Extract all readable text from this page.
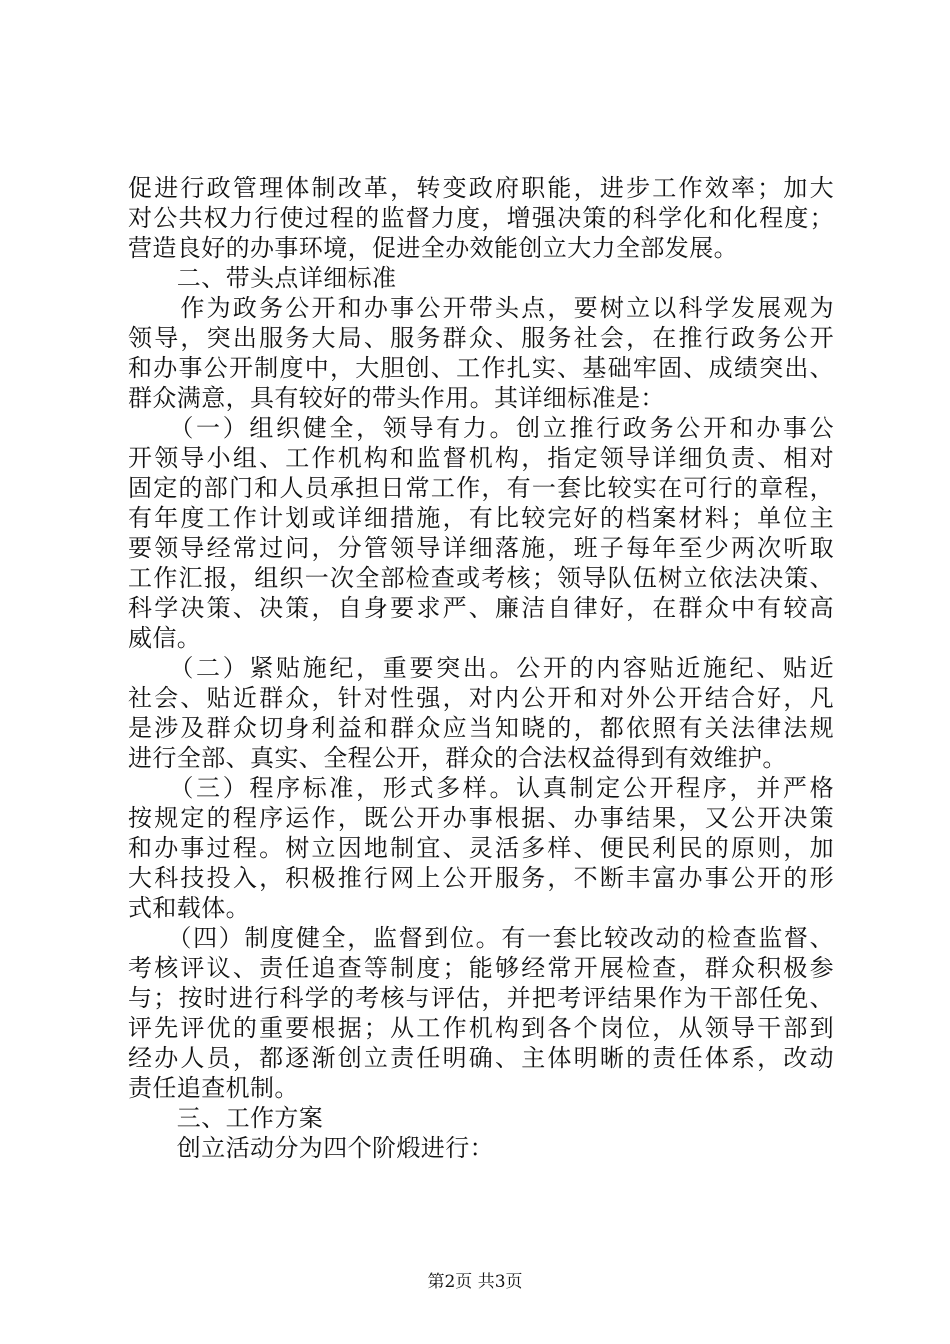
促进行政管理体制改革，转变政府职能，进步工作效率；加大
对公共权力行使过程的监督力度，增强决策的科学化和化程度；
营造良好的办事环境，促进全办效能创立大力全部发展。
　　二、带头点详细标准
　　作为政务公开和办事公开带头点，要树立以科学发展观为
领导，突出服务大局、服务群众、服务社会，在推行政务公开
和办事公开制度中，大胆创、工作扎实、基础牢固、成绩突出、
群众满意，具有较好的带头作用。其详细标准是：
　　（一）组织健全，领导有力。创立推行政务公开和办事公
开领导小组、工作机构和监督机构，指定领导详细负责、相对
固定的部门和人员承担日常工作，有一套比较实在可行的章程，
有年度工作计划或详细措施，有比较完好的档案材料；单位主
要领导经常过问，分管领导详细落施，班子每年至少两次听取
工作汇报，组织一次全部检查或考核；领导队伍树立依法决策、
科学决策、决策，自身要求严、廉洁自律好，在群众中有较高
威信。
　　（二）紧贴施纪，重要突出。公开的内容贴近施纪、贴近
社会、贴近群众，针对性强，对内公开和对外公开结合好，凡
是涉及群众切身利益和群众应当知晓的，都依照有关法律法规
进行全部、真实、全程公开，群众的合法权益得到有效维护。
　　（三）程序标准，形式多样。认真制定公开程序，并严格
按规定的程序运作，既公开办事根据、办事结果，又公开决策
和办事过程。树立因地制宜、灵活多样、便民利民的原则，加
大科技投入，积极推行网上公开服务，不断丰富办事公开的形
式和载体。
　　（四）制度健全，监督到位。有一套比较改动的检查监督、
考核评议、责任追查等制度；能够经常开展检查，群众积极参
与；按时进行科学的考核与评估，并把考评结果作为干部任免、
评先评优的重要根据；从工作机构到各个岗位，从领导干部到
经办人员，都逐渐创立责任明确、主体明晰的责任体系，改动
责任追查机制。
　　三、工作方案
　　创立活动分为四个阶煅进行：
第2页 共3页
